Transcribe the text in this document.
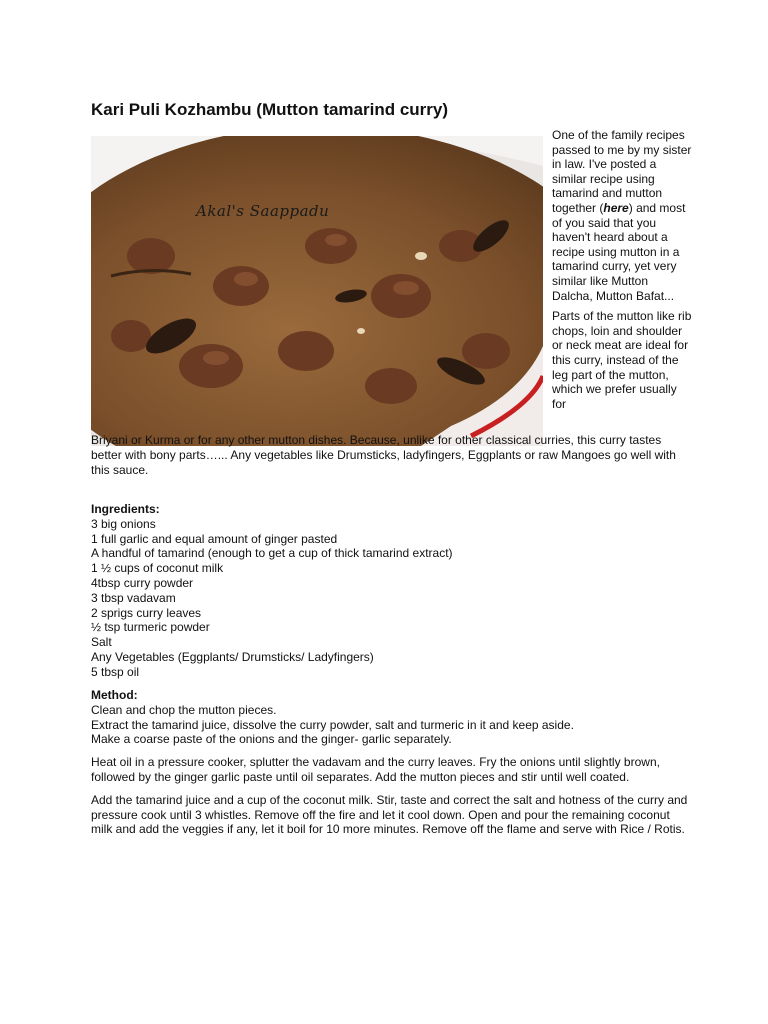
Kari Puli Kozhambu (Mutton tamarind curry)
Akal's Saappadu

One of the family recipes passed to me by my sister in law. I've posted a similar recipe using tamarind and mutton together (here) and most of you said that you haven't heard about a recipe using mutton in a tamarind curry, yet very similar like Mutton Dalcha, Mutton Bafat...

Parts of the mutton like rib chops, loin and shoulder or neck meat are ideal for this curry, instead of the leg part of the mutton, which we prefer usually for

Briyani or Kurma or for any other mutton dishes. Because, unlike for other classical curries, this curry tastes better with bony parts…... Any vegetables like Drumsticks, ladyfingers, Eggplants or raw Mangoes go well with this sauce.

Ingredients:
3 big onions
1 full garlic and equal amount of ginger pasted
A handful of tamarind (enough to get a cup of thick tamarind extract)
1 ½ cups of coconut milk
4tbsp curry powder
3 tbsp vadavam
2 sprigs curry leaves
½ tsp turmeric powder
Salt
Any Vegetables (Eggplants/ Drumsticks/ Ladyfingers)
5 tbsp oil
Method:
Clean and chop the mutton pieces.
Extract the tamarind juice, dissolve the curry powder, salt and turmeric in it and keep aside.
Make a coarse paste of the onions and the ginger- garlic separately.

Heat oil in a pressure cooker, splutter the vadavam and the curry leaves. Fry the onions until slightly brown, followed by the ginger garlic paste until oil separates. Add the mutton pieces and stir until well coated.

Add the tamarind juice and a cup of the coconut milk. Stir, taste and correct the salt and hotness of the curry and pressure cook until 3 whistles. Remove off the fire and let it cool down. Open and pour the remaining coconut milk and add the veggies if any, let it boil for 10 more minutes. Remove off the flame and serve with Rice / Rotis.
